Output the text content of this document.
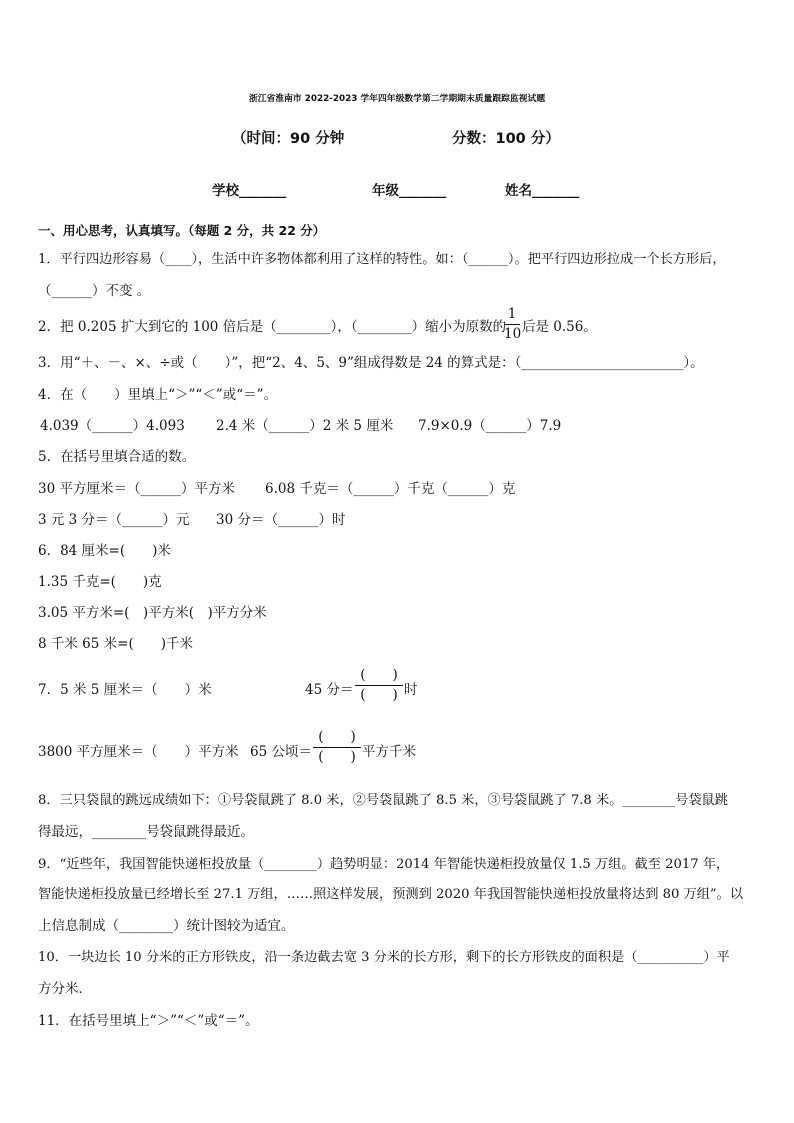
浙江省淮南市 2022-2023 学年四年级数学第二学期期末质量跟踪监视试题
（时间：90 分钟	分数：100 分）
学校_______	年级_______	姓名_______
一、用心思考，认真填写。（每题 2 分，共 22 分）
1．平行四边形容易（____），生活中许多物体都利用了这样的特性。如：（______）。把平行四边形拉成一个长方形后，
（______）不变 。
2．把 0.205 扩大到它的 100 倍后是（________），（________）缩小为原数的
1
10 后是 0.56。
3．用“＋、－、×、÷或（　　）”，把“2、4、5、9”组成得数是 24 的算式是：（________________________）。
4．在（　　）里填上“＞”“＜”或“＝”。
4.039（______）4.093 2.4 米（______）2 米 5 厘米 7.9×0.9（______）7.9
5．在括号里填合适的数。
30 平方厘米＝（______）平方米 6.08 千克＝（______）千克（______）克
3 元 3 分＝（______）元 30 分＝（______）时
6．84 厘米=(　　)米
1.35 千克=(　　)克
3.05 平方米=(　)平方米(　)平方分米
8 千米 65 米=(　　)千米
7．5 米 5 厘米＝（　　）米	45 分＝
(　　)
(　　) 时
3800 平方厘米＝（　　）平方米 65 公顷＝
(　　)
(　　) 平方千米
8．三只袋鼠的跳远成绩如下：①号袋鼠跳了 8.0 米，②号袋鼠跳了 8.5 米，③号袋鼠跳了 7.8 米。________号袋鼠跳
得最远，________号袋鼠跳得最近。
9．“近些年，我国智能快递柜投放量（________）趋势明显：2014 年智能快递柜投放量仅 1.5 万组。截至 2017 年，
智能快递柜投放量已经增长至 27.1 万组，……照这样发展，预测到 2020 年我国智能快递柜投放量将达到 80 万组”。以
上信息制成（________）统计图较为适宜。
10．一块边长 10 分米的正方形铁皮，沿一条边截去宽 3 分米的长方形，剩下的长方形铁皮的面积是（__________）平
方分米．
11．在括号里填上“＞”“＜”或“＝”。
